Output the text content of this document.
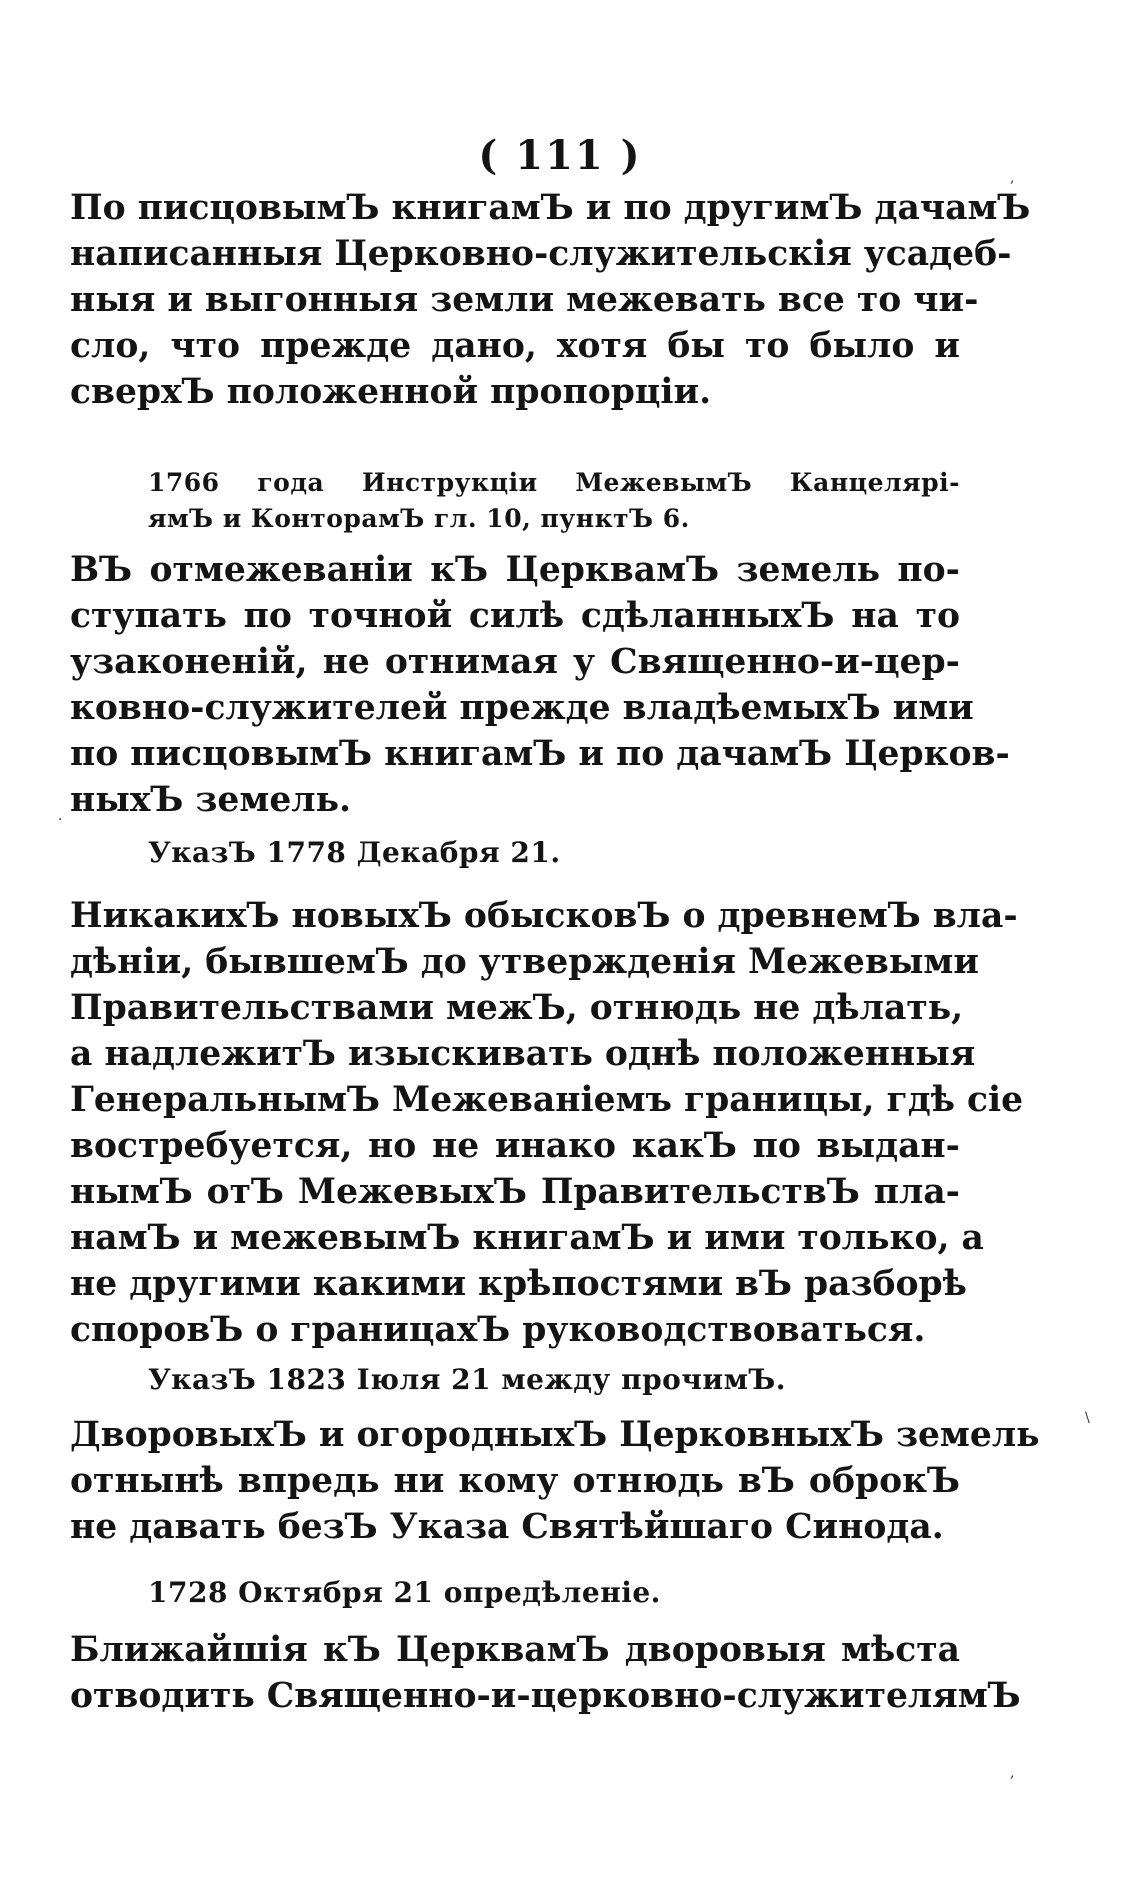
( 111 )
По писцовымЪ книгамЪ и по другимЪ дачамЪ
написанныя Церковно-служительскія усадеб-
ныя и выгонныя земли межевать все то чи-
сло, что прежде дано, хотя бы то было и
сверхЪ положенной пропорціи.
1766 года Инструкціи МежевымЪ Канцелярі-
ямЪ и КонторамЪ гл. 10, пунктЪ 6.
ВЪ отмежеваніи кЪ ЦерквамЪ земель по-
ступать по точной силѣ сдѣланныхЪ на то
узаконеній, не отнимая у Священно-и-цер-
ковно-служителей прежде владѣемыхЪ ими
по писцовымЪ книгамЪ и по дачамЪ Церков-
ныхЪ земель.
УказЪ 1778 Декабря 21.
НикакихЪ новыхЪ обысковЪ о древнемЪ вла-
дѣніи, бывшемЪ до утвержденія Межевыми
Правительствами межЪ, отнюдь не дѣлать,
а надлежитЪ изыскивать однѣ положенныя
ГенеральнымЪ Межеваніемъ границы, гдѣ сіе
востребуется, но не инако какЪ по выдан-
нымЪ отЪ МежевыхЪ ПравительствЪ пла-
намЪ и межевымЪ книгамЪ и ими только, а
не другими какими крѣпостями вЪ разборѣ
споровЪ о границахЪ руководствоваться.
УказЪ 1823 Іюля 21 между прочимЪ.
ДворовыхЪ и огородныхЪ ЦерковныхЪ земель
отнынѣ впредь ни кому отнюдь вЪ оброкЪ
не давать безЪ Указа Святѣйшаго Синода.
1728 Октября 21 опредѣленіе.
Ближайшія кЪ ЦерквамЪ дворовыя мѣста
отводить Священно-и-церковно-служителямЪ
,
\
,
·
